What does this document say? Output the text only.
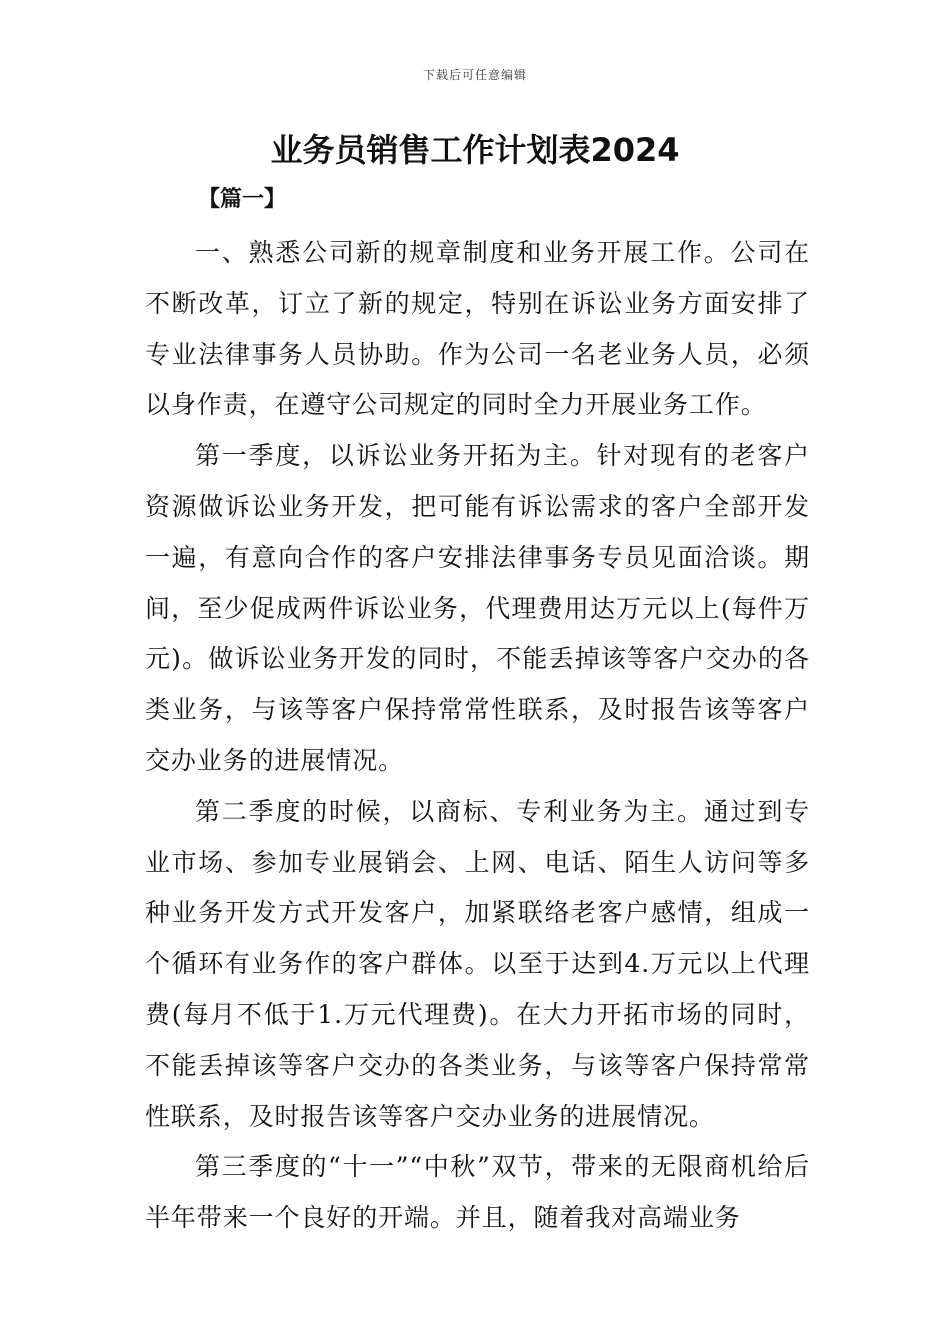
下载后可任意编辑
业务员销售工作计划表2024
【篇一】

一、熟悉公司新的规章制度和业务开展工作。公司在不断改革，订立了新的规定，特别在诉讼业务方面安排了专业法律事务人员协助。作为公司一名老业务人员，必须以身作责，在遵守公司规定的同时全力开展业务工作。

第一季度，以诉讼业务开拓为主。针对现有的老客户资源做诉讼业务开发，把可能有诉讼需求的客户全部开发一遍，有意向合作的客户安排法律事务专员见面洽谈。期间，至少促成两件诉讼业务，代理费用达万元以上(每件万元)。做诉讼业务开发的同时，不能丢掉该等客户交办的各类业务，与该等客户保持常常性联系，及时报告该等客户交办业务的进展情况。

第二季度的时候，以商标、专利业务为主。通过到专业市场、参加专业展销会、上网、电话、陌生人访问等多种业务开发方式开发客户，加紧联络老客户感情，组成一个循环有业务作的客户群体。以至于达到4.万元以上代理费(每月不低于1.万元代理费)。在大力开拓市场的同时，不能丢掉该等客户交办的各类业务，与该等客户保持常常性联系，及时报告该等客户交办业务的进展情况。

第三季度的“十一”“中秋”双节，带来的无限商机给后半年带来一个良好的开端。并且，随着我对高端业务
